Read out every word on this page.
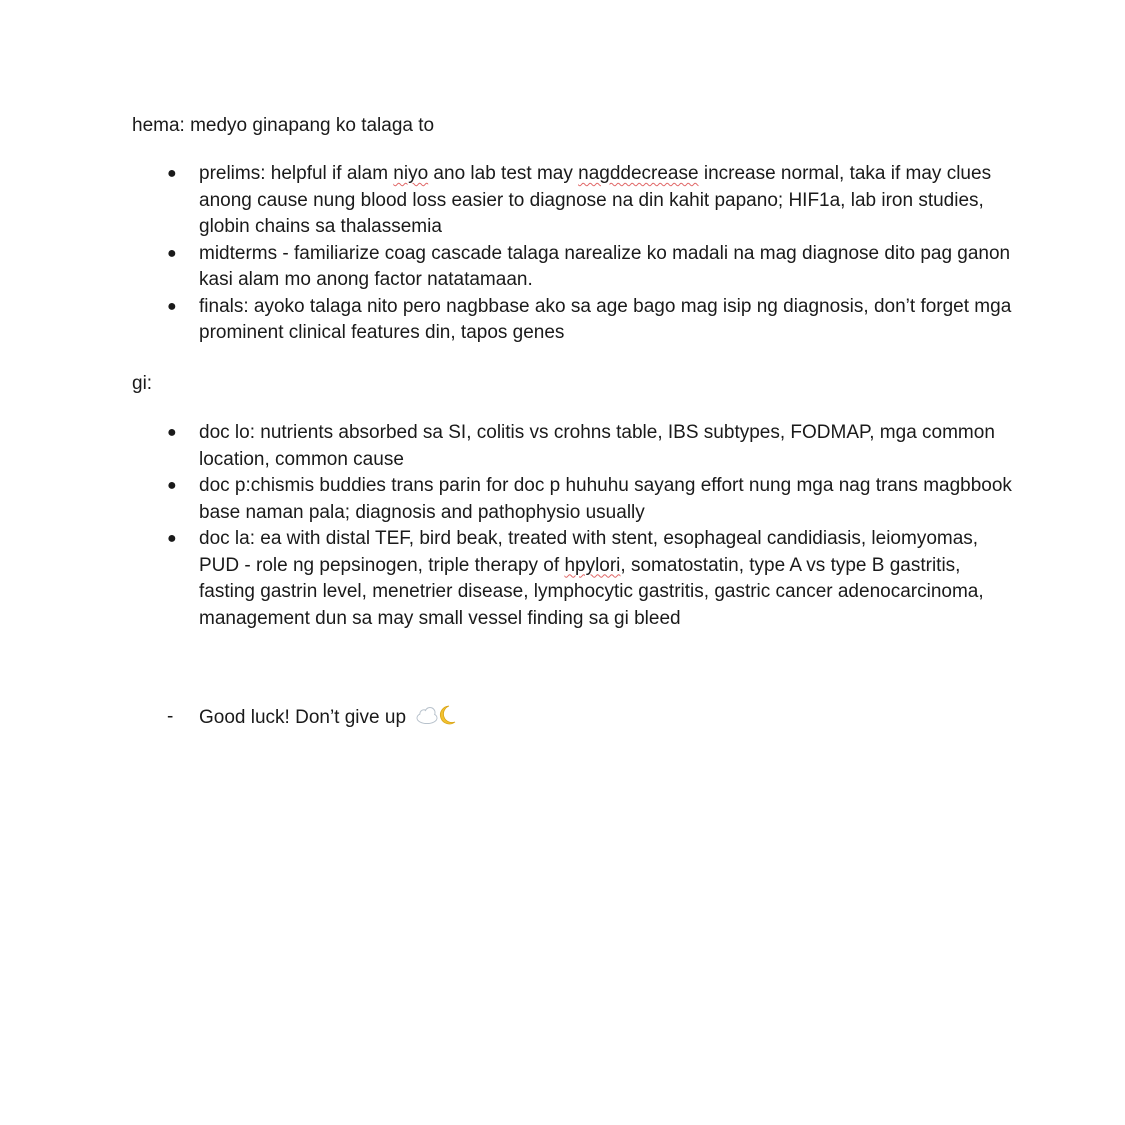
hema: medyo ginapang ko talaga to

● prelims: helpful if alam niyo ano lab test may nagddecrease increase normal, taka if may clues anong cause nung blood loss easier to diagnose na din kahit papano; HIF1a, lab iron studies, globin chains sa thalassemia
● midterms - familiarize coag cascade talaga narealize ko madali na mag diagnose dito pag ganon kasi alam mo anong factor natatamaan.
● finals: ayoko talaga nito pero nagbbase ako sa age bago mag isip ng diagnosis, don’t forget mga prominent clinical features din, tapos genes

gi:

● doc lo: nutrients absorbed sa SI, colitis vs crohns table, IBS subtypes, FODMAP, mga common location, common cause
● doc p:chismis buddies trans parin for doc p huhuhu sayang effort nung mga nag trans magbbook base naman pala; diagnosis and pathophysio usually
● doc la: ea with distal TEF, bird beak, treated with stent, esophageal candidiasis, leiomyomas, PUD - role ng pepsinogen, triple therapy of hpylori, somatostatin, type A vs type B gastritis, fasting gastrin level, menetrier disease, lymphocytic gastritis, gastric cancer adenocarcinoma, management dun sa may small vessel finding sa gi bleed
- Good luck! Don’t give up
